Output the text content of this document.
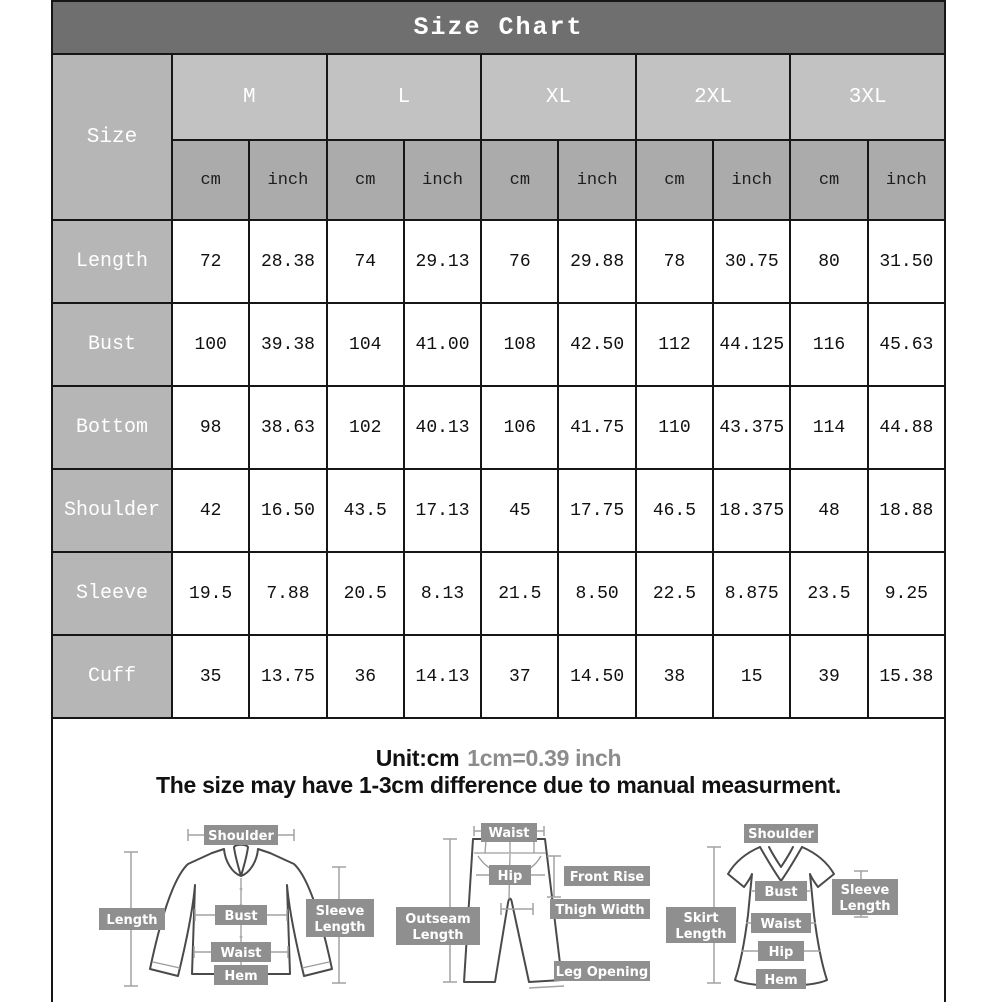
Size Chart
Size	M		L		XL		2XL		3XL	
	cm	inch	cm	inch	cm	inch	cm	inch	cm	inch
Length	72	28.38	74	29.13	76	29.88	78	30.75	80	31.50
Bust	100	39.38	104	41.00	108	42.50	112	44.125	116	45.63
Bottom	98	38.63	102	40.13	106	41.75	110	43.375	114	44.88
Shoulder	42	16.50	43.5	17.13	45	17.75	46.5	18.375	48	18.88
Sleeve	19.5	7.88	20.5	8.13	21.5	8.50	22.5	8.875	23.5	9.25
Cuff	35	13.75	36	14.13	37	14.50	38	15	39	15.38
Unit:cm 1cm=0.39 inch
The size may have 1-3cm difference due to manual measurment.
Shoulder
Length	Bust
Waist
Hem
Sleeve
Length
Waist
Front Rise
Hip
Thigh Width
Outseam
Length
Leg Opening
Shoulder
Sleeve
Length
Bust
Waist
Hip
Hem
Skirt
Length
